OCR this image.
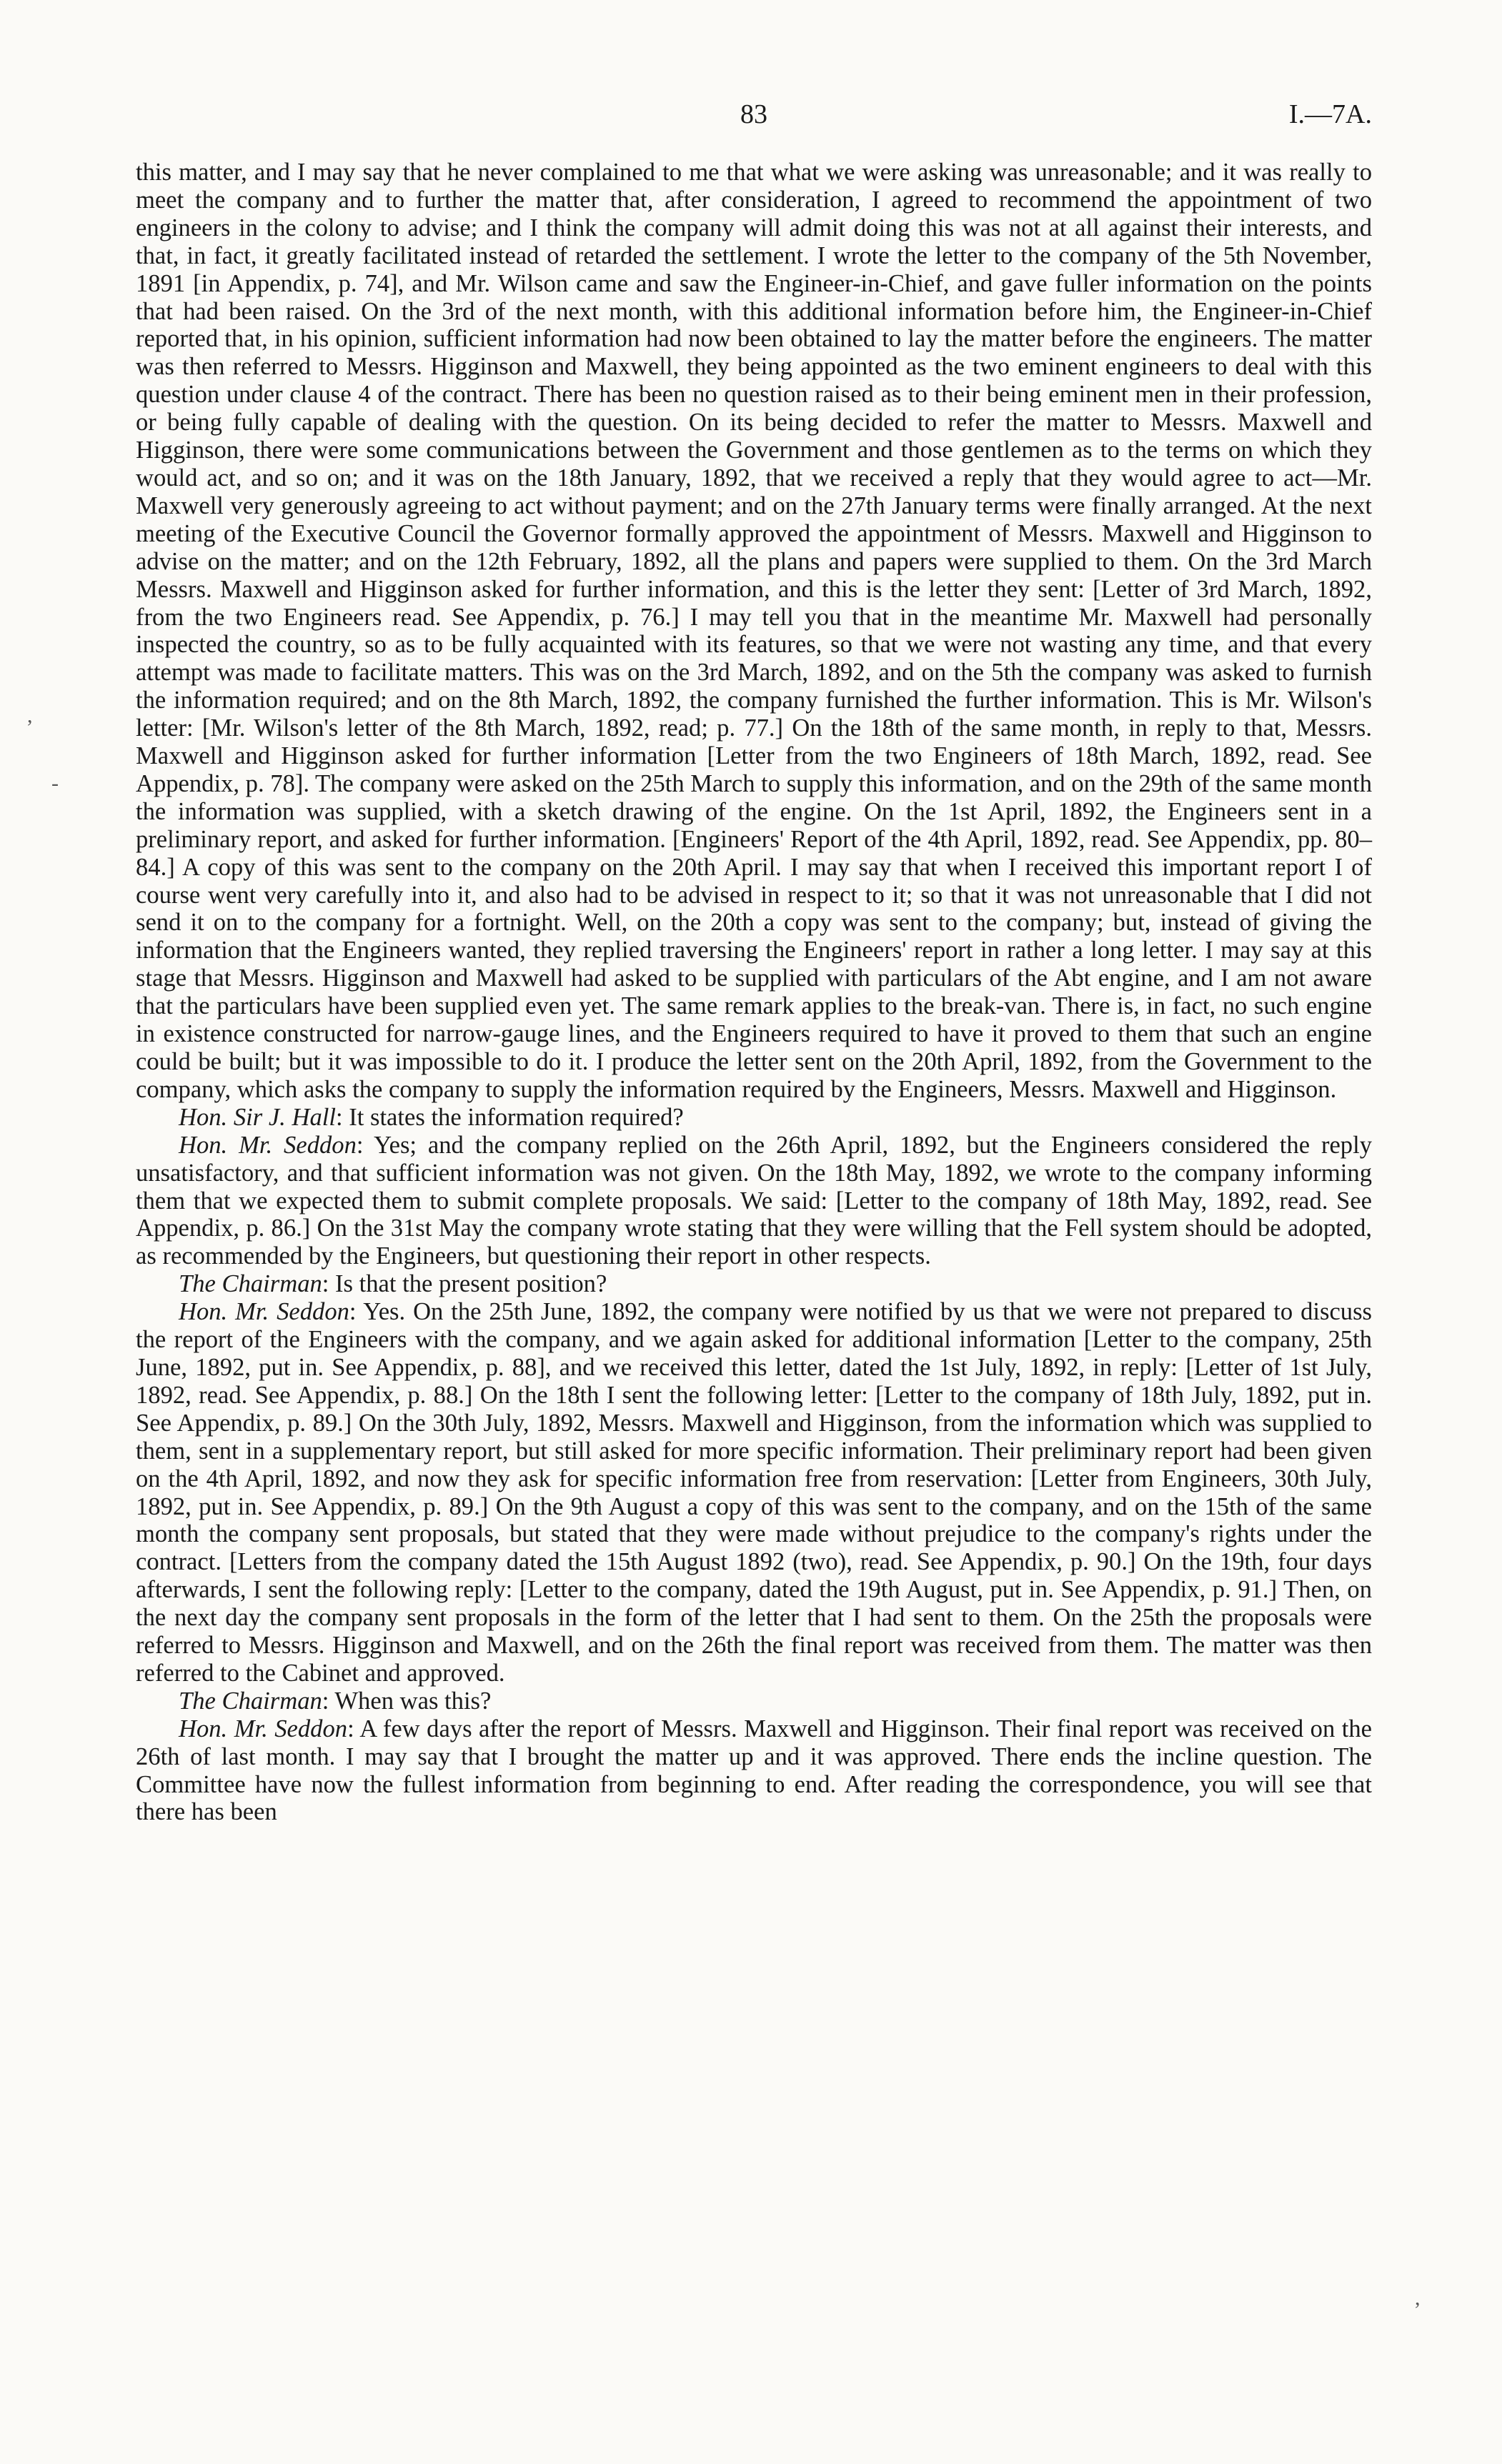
83	I.—7A.

this matter, and I may say that he never complained to me that what we were asking was unreasonable; and it was really to meet the company and to further the matter that, after consideration, I agreed to recommend the appointment of two engineers in the colony to advise; and I think the company will admit doing this was not at all against their interests, and that, in fact, it greatly facilitated instead of retarded the settlement. I wrote the letter to the company of the 5th November, 1891 [in Appendix, p. 74], and Mr. Wilson came and saw the Engineer-in-Chief, and gave fuller information on the points that had been raised. On the 3rd of the next month, with this additional information before him, the Engineer-in-Chief reported that, in his opinion, sufficient information had now been obtained to lay the matter before the engineers. The matter was then referred to Messrs. Higginson and Maxwell, they being appointed as the two eminent engineers to deal with this question under clause 4 of the contract. There has been no question raised as to their being eminent men in their profession, or being fully capable of dealing with the question. On its being decided to refer the matter to Messrs. Maxwell and Higginson, there were some communications between the Government and those gentlemen as to the terms on which they would act, and so on; and it was on the 18th January, 1892, that we received a reply that they would agree to act—Mr. Maxwell very generously agreeing to act without payment; and on the 27th January terms were finally arranged. At the next meeting of the Executive Council the Governor formally approved the appointment of Messrs. Maxwell and Higginson to advise on the matter; and on the 12th February, 1892, all the plans and papers were supplied to them. On the 3rd March Messrs. Maxwell and Higginson asked for further information, and this is the letter they sent: [Letter of 3rd March, 1892, from the two Engineers read. See Appendix, p. 76.] I may tell you that in the meantime Mr. Maxwell had personally inspected the country, so as to be fully acquainted with its features, so that we were not wasting any time, and that every attempt was made to facilitate matters. This was on the 3rd March, 1892, and on the 5th the company was asked to furnish the information required; and on the 8th March, 1892, the company furnished the further information. This is Mr. Wilson's letter: [Mr. Wilson's letter of the 8th March, 1892, read; p. 77.] On the 18th of the same month, in reply to that, Messrs. Maxwell and Higginson asked for further information [Letter from the two Engineers of 18th March, 1892, read. See Appendix, p. 78]. The company were asked on the 25th March to supply this information, and on the 29th of the same month the information was supplied, with a sketch drawing of the engine. On the 1st April, 1892, the Engineers sent in a preliminary report, and asked for further information. [Engineers' Report of the 4th April, 1892, read. See Appendix, pp. 80–84.] A copy of this was sent to the company on the 20th April. I may say that when I received this important report I of course went very carefully into it, and also had to be advised in respect to it; so that it was not unreasonable that I did not send it on to the company for a fortnight. Well, on the 20th a copy was sent to the company; but, instead of giving the information that the Engineers wanted, they replied traversing the Engineers' report in rather a long letter. I may say at this stage that Messrs. Higginson and Maxwell had asked to be supplied with particulars of the Abt engine, and I am not aware that the particulars have been supplied even yet. The same remark applies to the break-van. There is, in fact, no such engine in existence constructed for narrow-gauge lines, and the Engineers required to have it proved to them that such an engine could be built; but it was impossible to do it. I produce the letter sent on the 20th April, 1892, from the Government to the company, which asks the company to supply the information required by the Engineers, Messrs. Maxwell and Higginson.

Hon. Sir J. Hall: It states the information required?

Hon. Mr. Seddon: Yes; and the company replied on the 26th April, 1892, but the Engineers considered the reply unsatisfactory, and that sufficient information was not given. On the 18th May, 1892, we wrote to the company informing them that we expected them to submit complete proposals. We said: [Letter to the company of 18th May, 1892, read. See Appendix, p. 86.] On the 31st May the company wrote stating that they were willing that the Fell system should be adopted, as recommended by the Engineers, but questioning their report in other respects.

The Chairman: Is that the present position?

Hon. Mr. Seddon: Yes. On the 25th June, 1892, the company were notified by us that we were not prepared to discuss the report of the Engineers with the company, and we again asked for additional information [Letter to the company, 25th June, 1892, put in. See Appendix, p. 88], and we received this letter, dated the 1st July, 1892, in reply: [Letter of 1st July, 1892, read. See Appendix, p. 88.] On the 18th I sent the following letter: [Letter to the company of 18th July, 1892, put in. See Appendix, p. 89.] On the 30th July, 1892, Messrs. Maxwell and Higginson, from the information which was supplied to them, sent in a supplementary report, but still asked for more specific information. Their preliminary report had been given on the 4th April, 1892, and now they ask for specific information free from reservation: [Letter from Engineers, 30th July, 1892, put in. See Appendix, p. 89.] On the 9th August a copy of this was sent to the company, and on the 15th of the same month the company sent proposals, but stated that they were made without prejudice to the company's rights under the contract. [Letters from the company dated the 15th August 1892 (two), read. See Appendix, p. 90.] On the 19th, four days afterwards, I sent the following reply: [Letter to the company, dated the 19th August, put in. See Appendix, p. 91.] Then, on the next day the company sent proposals in the form of the letter that I had sent to them. On the 25th the proposals were referred to Messrs. Higginson and Maxwell, and on the 26th the final report was received from them. The matter was then referred to the Cabinet and approved.

The Chairman: When was this?

Hon. Mr. Seddon: A few days after the report of Messrs. Maxwell and Higginson. Their final report was received on the 26th of last month. I may say that I brought the matter up and it was approved. There ends the incline question. The Committee have now the fullest information from beginning to end. After reading the correspondence, you will see that there has been

,
-
,
